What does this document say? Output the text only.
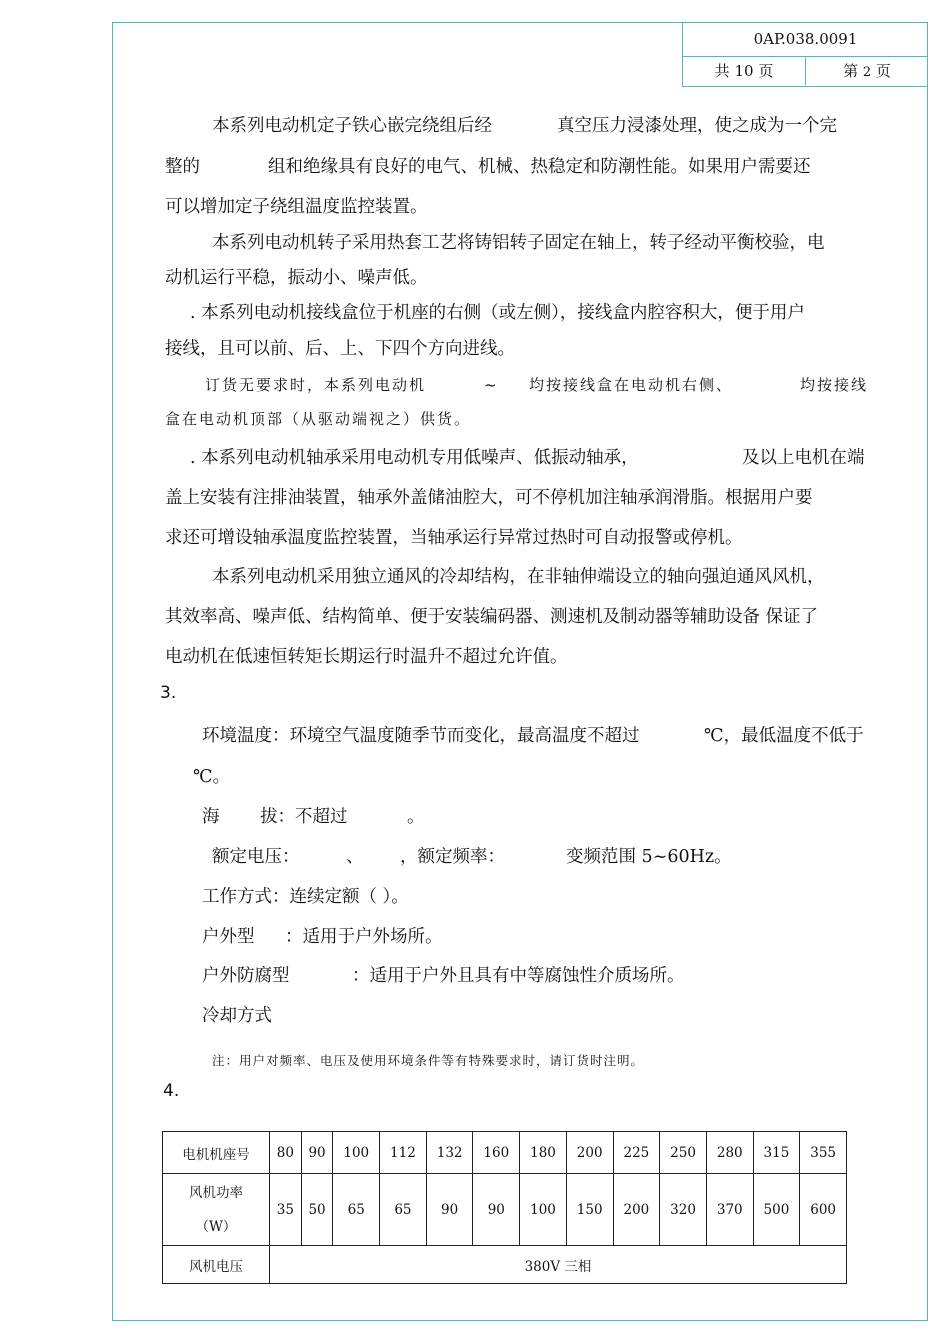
0AP.038.0091
共 10 页	第 2 页
本系列电动机定子铁心嵌完绕组后经	真空压力浸漆处理，使之成为一个完
整的	组和绝缘具有良好的电气、机械、热稳定和防潮性能。如果用户需要还
可以增加定子绕组温度监控装置。
本系列电动机转子采用热套工艺将铸铝转子固定在轴上，转子经动平衡校验，电
动机运行平稳，振动小、噪声低。
. 本系列电动机接线盒位于机座的右侧（或左侧），接线盒内腔容积大，便于用户
接线，且可以前、后、上、下四个方向进线。
订货无要求时，本系列电动机	~ 均按接线盒在电动机右侧、	均按接线
盒在电动机顶部（从驱动端视之）供货。
. 本系列电动机轴承采用电动机专用低噪声、低振动轴承，	及以上电机在端
盖上安装有注排油装置，轴承外盖储油腔大，可不停机加注轴承润滑脂。根据用户要
求还可增设轴承温度监控装置，当轴承运行异常过热时可自动报警或停机。
本系列电动机采用独立通风的冷却结构，在非轴伸端设立的轴向强迫通风风机，
其效率高、噪声低、结构简单、便于安装编码器、测速机及制动器等辅助设备 保证了
电动机在低速恒转矩长期运行时温升不超过允许值。
3.
环境温度：环境空气温度随季节而变化，最高温度不超过	℃，最低温度不低于
℃。
海 拔：不超过	。
额定电压：	、 ，额定频率：	变频范围 5~60Hz。
工作方式：连续定额（ ）。
户外型 ：适用于户外场所。
户外防腐型	：适用于户外且具有中等腐蚀性介质场所。
冷却方式
注：用户对频率、电压及使用环境条件等有特殊要求时，请订货时注明。
4.
电机机座号	80	90	100	112	132	160	180	200	225	250	280	315	355

风机功率
（W）	35	50	65	65	90	90	100	150	200	320	370	500	600
风机电压	380V 三相												
